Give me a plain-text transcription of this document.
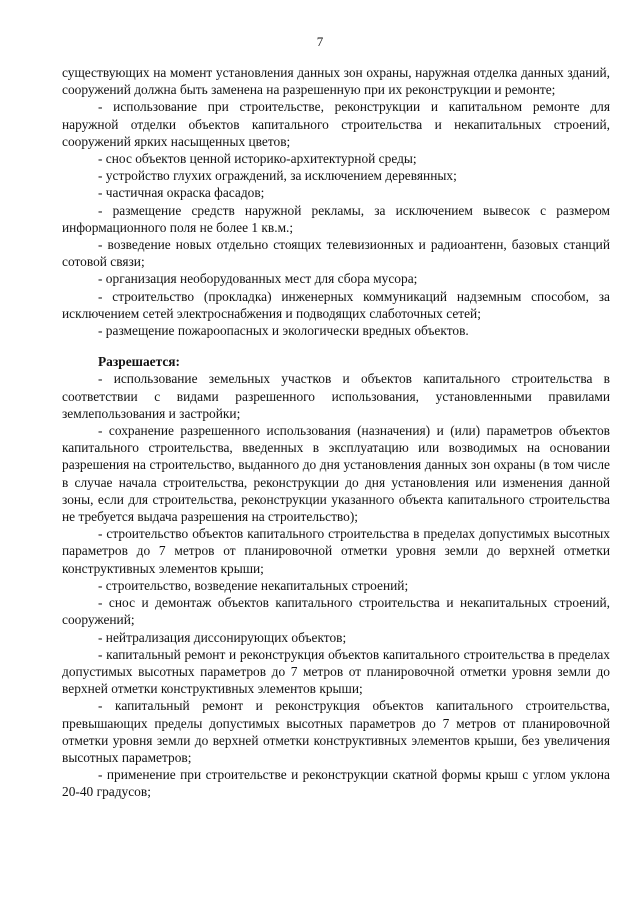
7

существующих на момент установления данных зон охраны, наружная отделка данных зданий, сооружений должна быть заменена на разрешенную при их реконструкции и ремонте;

- использование при строительстве, реконструкции и капитальном ремонте для наружной отделки объектов капитального строительства и некапитальных строений, сооружений ярких насыщенных цветов;

- снос объектов ценной историко-архитектурной среды;

- устройство глухих ограждений, за исключением деревянных;

- частичная окраска фасадов;

- размещение средств наружной рекламы, за исключением вывесок с размером информационного поля не более 1 кв.м.;

- возведение новых отдельно стоящих телевизионных и радиоантенн, базовых станций сотовой связи;

- организация необорудованных мест для сбора мусора;

- строительство (прокладка) инженерных коммуникаций надземным способом, за исключением сетей электроснабжения и подводящих слаботочных сетей;

- размещение пожароопасных и экологически вредных объектов.

Разрешается:

- использование земельных участков и объектов капитального строительства в соответствии с видами разрешенного использования, установленными правилами землепользования и застройки;

- сохранение разрешенного использования (назначения) и (или) параметров объектов капитального строительства, введенных в эксплуатацию или возводимых на основании разрешения на строительство, выданного до дня установления данных зон охраны (в том числе в случае начала строительства, реконструкции до дня установления или изменения данной зоны, если для строительства, реконструкции указанного объекта капитального строительства не требуется выдача разрешения на строительство);

- строительство объектов капитального строительства в пределах допустимых высотных параметров до 7 метров от планировочной отметки уровня земли до верхней отметки конструктивных элементов крыши;

- строительство, возведение некапитальных строений;

- снос и демонтаж объектов капитального строительства и некапитальных строений, сооружений;

- нейтрализация диссонирующих объектов;

- капитальный ремонт и реконструкция объектов капитального строительства в пределах допустимых высотных параметров до 7 метров от планировочной отметки уровня земли до верхней отметки конструктивных элементов крыши;

- капитальный ремонт и реконструкция объектов капитального строительства, превышающих пределы допустимых высотных параметров до 7 метров от планировочной отметки уровня земли до верхней отметки конструктивных элементов крыши, без увеличения высотных параметров;

- применение при строительстве и реконструкции скатной формы крыш с углом уклона 20-40 градусов;
